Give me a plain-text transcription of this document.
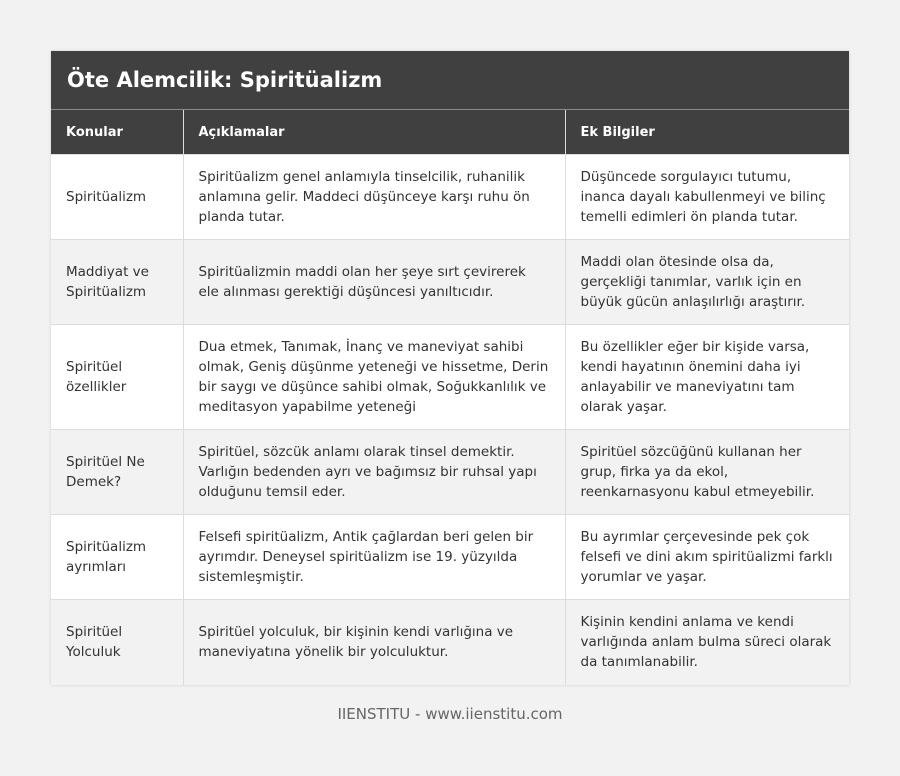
Öte Alemcilik: Spiritüalizm
Konular	Açıklamalar	Ek Bilgiler
Spiritüalizm	Spiritüalizm genel anlamıyla tinselcilik, ruhanilik anlamına gelir. Maddeci düşünceye karşı ruhu ön planda tutar.	Düşüncede sorgulayıcı tutumu, inanca dayalı kabullenmeyi ve bilinç temelli edimleri ön planda tutar.
Maddiyat ve Spiritüalizm	Spiritüalizmin maddi olan her şeye sırt çevirerek ele alınması gerektiği düşüncesi yanıltıcıdır.	Maddi olan ötesinde olsa da, gerçekliği tanımlar, varlık için en büyük gücün anlaşılırlığı araştırır.
Spiritüel özellikler	Dua etmek, Tanımak, İnanç ve maneviyat sahibi olmak, Geniş düşünme yeteneği ve hissetme, Derin bir saygı ve düşünce sahibi olmak, Soğukkanlılık ve meditasyon yapabilme yeteneği	Bu özellikler eğer bir kişide varsa, kendi hayatının önemini daha iyi anlayabilir ve maneviyatını tam olarak yaşar.
Spiritüel Ne Demek?	Spiritüel, sözcük anlamı olarak tinsel demektir. Varlığın bedenden ayrı ve bağımsız bir ruhsal yapı olduğunu temsil eder.	Spiritüel sözcüğünü kullanan her grup, firka ya da ekol, reenkarnasyonu kabul etmeyebilir.
Spiritüalizm ayrımları	Felsefi spiritüalizm, Antik çağlardan beri gelen bir ayrımdır. Deneysel spiritüalizm ise 19. yüzyılda sistemleşmiştir.	Bu ayrımlar çerçevesinde pek çok felsefi ve dini akım spiritüalizmi farklı yorumlar ve yaşar.
Spiritüel Yolculuk	Spiritüel yolculuk, bir kişinin kendi varlığına ve maneviyatına yönelik bir yolculuktur.	Kişinin kendini anlama ve kendi varlığında anlam bulma süreci olarak da tanımlanabilir.
IIENSTITU - www.iienstitu.com
